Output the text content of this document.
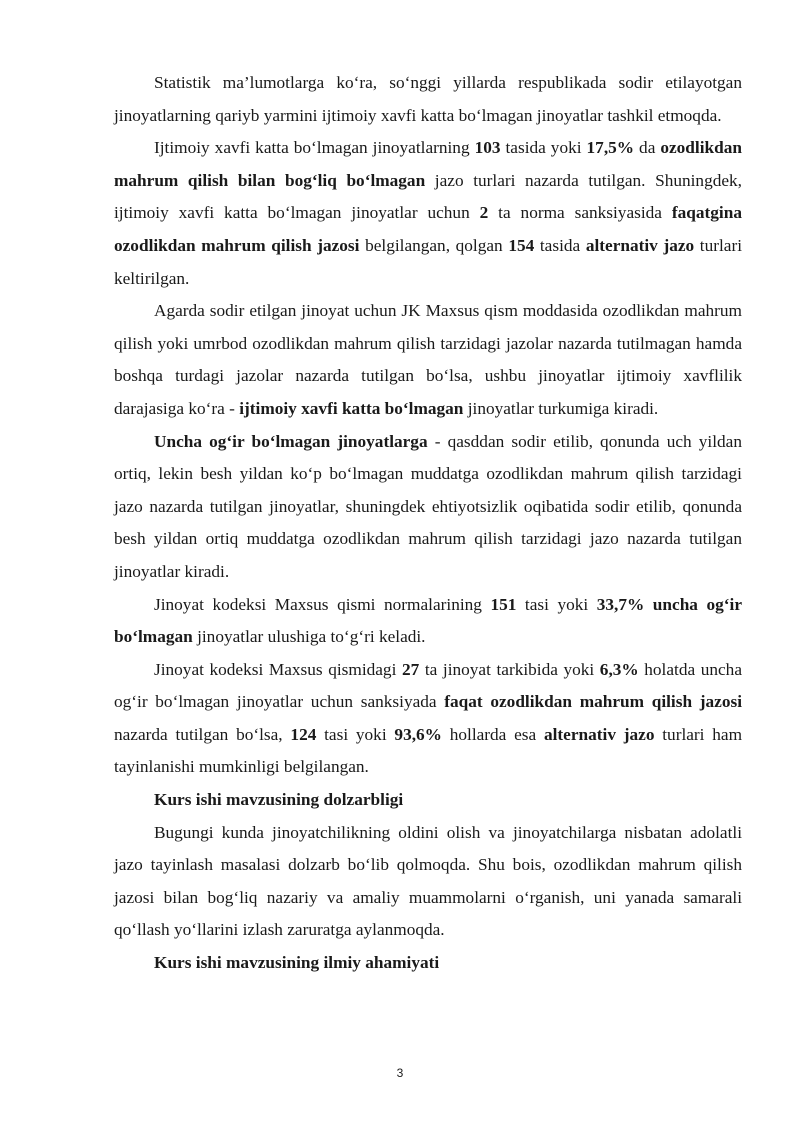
Statistik ma’lumotlarga ko‘ra, so‘nggi yillarda respublikada sodir etilayotgan jinoyatlarning qariyb yarmini ijtimoiy xavfi katta bo‘lmagan jinoyatlar tashkil etmoqda.

Ijtimoiy xavfi katta bo‘lmagan jinoyatlarning 103 tasida yoki 17,5% da ozodlikdan mahrum qilish bilan bog‘liq bo‘lmagan jazo turlari nazarda tutilgan. Shuningdek, ijtimoiy xavfi katta bo‘lmagan jinoyatlar uchun 2 ta norma sanksiyasida faqatgina ozodlikdan mahrum qilish jazosi belgilangan, qolgan 154 tasida alternativ jazo turlari keltirilgan.

Agarda sodir etilgan jinoyat uchun JK Maxsus qism moddasida ozodlikdan mahrum qilish yoki umrbod ozodlikdan mahrum qilish tarzidagi jazolar nazarda tutilmagan hamda boshqa turdagi jazolar nazarda tutilgan bo‘lsa, ushbu jinoyatlar ijtimoiy xavflilik darajasiga ko‘ra - ijtimoiy xavfi katta bo‘lmagan jinoyatlar turkumiga kiradi.

Uncha og‘ir bo‘lmagan jinoyatlarga - qasddan sodir etilib, qonunda uch yildan ortiq, lekin besh yildan ko‘p bo‘lmagan muddatga ozodlikdan mahrum qilish tarzidagi jazo nazarda tutilgan jinoyatlar, shuningdek ehtiyotsizlik oqibatida sodir etilib, qonunda besh yildan ortiq muddatga ozodlikdan mahrum qilish tarzidagi jazo nazarda tutilgan jinoyatlar kiradi.

Jinoyat kodeksi Maxsus qismi normalarining 151 tasi yoki 33,7% uncha og‘ir bo‘lmagan jinoyatlar ulushiga to‘g‘ri keladi.

Jinoyat kodeksi Maxsus qismidagi 27 ta jinoyat tarkibida yoki 6,3% holatda uncha og‘ir bo‘lmagan jinoyatlar uchun sanksiyada faqat ozodlikdan mahrum qilish jazosi nazarda tutilgan bo‘lsa, 124 tasi yoki 93,6% hollarda esa alternativ jazo turlari ham tayinlanishi mumkinligi belgilangan.

Kurs ishi mavzusining dolzarbligi

Bugungi kunda jinoyatchilikning oldini olish va jinoyatchilarga nisbatan adolatli jazo tayinlash masalasi dolzarb bo‘lib qolmoqda. Shu bois, ozodlikdan mahrum qilish jazosi bilan bog‘liq nazariy va amaliy muammolarni o‘rganish, uni yanada samarali qo‘llash yo‘llarini izlash zaruratga aylanmoqda.

Kurs ishi mavzusining ilmiy ahamiyati

3
